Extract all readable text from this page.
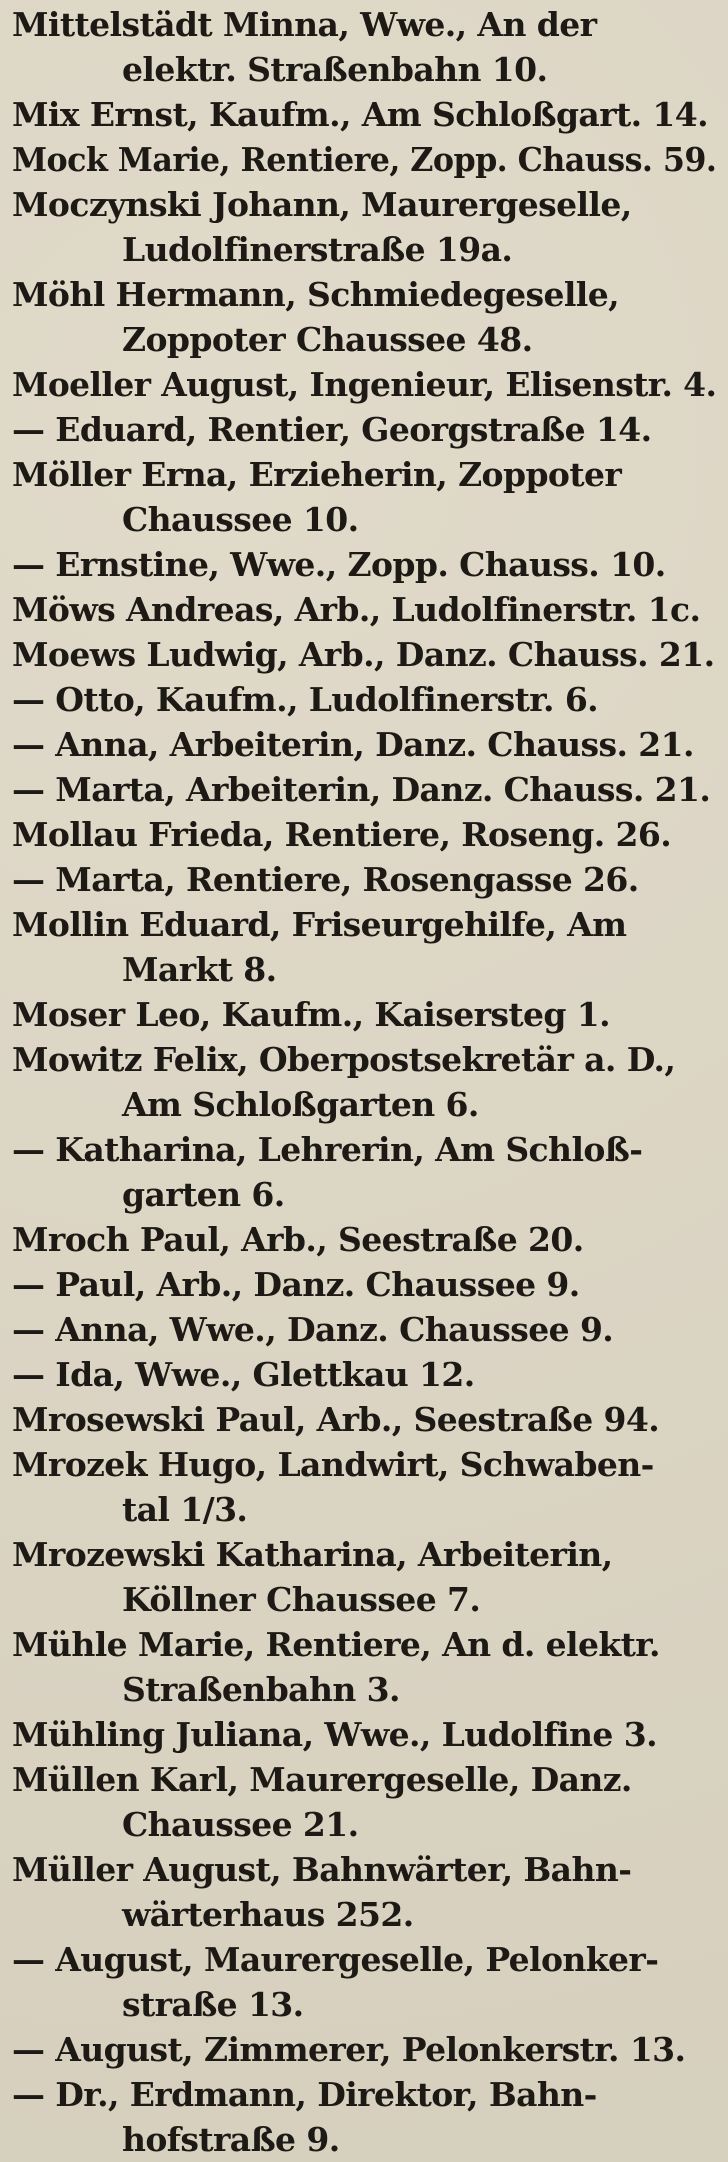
Mittelstädt Minna, Wwe., An der
elektr. Straßenbahn 10.

Mix Ernst, Kaufm., Am Schloßgart. 14.

Mock Marie, Rentiere, Zopp. Chauss. 59.

Moczynski Johann, Maurergeselle,
Ludolfinerstraße 19a.

Möhl Hermann, Schmiedegeselle,
Zoppoter Chaussee 48.

Moeller August, Ingenieur, Elisenstr. 4.

— Eduard, Rentier, Georgstraße 14.

Möller Erna, Erzieherin, Zoppoter
Chaussee 10.

— Ernstine, Wwe., Zopp. Chauss. 10.

Möws Andreas, Arb., Ludolfinerstr. 1c.

Moews Ludwig, Arb., Danz. Chauss. 21.

— Otto, Kaufm., Ludolfinerstr. 6.

— Anna, Arbeiterin, Danz. Chauss. 21.

— Marta, Arbeiterin, Danz. Chauss. 21.

Mollau Frieda, Rentiere, Roseng. 26.

— Marta, Rentiere, Rosengasse 26.

Mollin Eduard, Friseurgehilfe, Am
Markt 8.

Moser Leo, Kaufm., Kaisersteg 1.

Mowitz Felix, Oberpostsekretär a. D.,
Am Schloßgarten 6.

— Katharina, Lehrerin, Am Schloß-
garten 6.

Mroch Paul, Arb., Seestraße 20.

— Paul, Arb., Danz. Chaussee 9.

— Anna, Wwe., Danz. Chaussee 9.

— Ida, Wwe., Glettkau 12.

Mrosewski Paul, Arb., Seestraße 94.

Mrozek Hugo, Landwirt, Schwaben-
tal 1/3.

Mrozewski Katharina, Arbeiterin,
Köllner Chaussee 7.

Mühle Marie, Rentiere, An d. elektr.
Straßenbahn 3.

Mühling Juliana, Wwe., Ludolfine 3.

Müllen Karl, Maurergeselle, Danz.
Chaussee 21.

Müller August, Bahnwärter, Bahn-
wärterhaus 252.

— August, Maurergeselle, Pelonker-
straße 13.

— August, Zimmerer, Pelonkerstr. 13.

— Dr., Erdmann, Direktor, Bahn-
hofstraße 9.
